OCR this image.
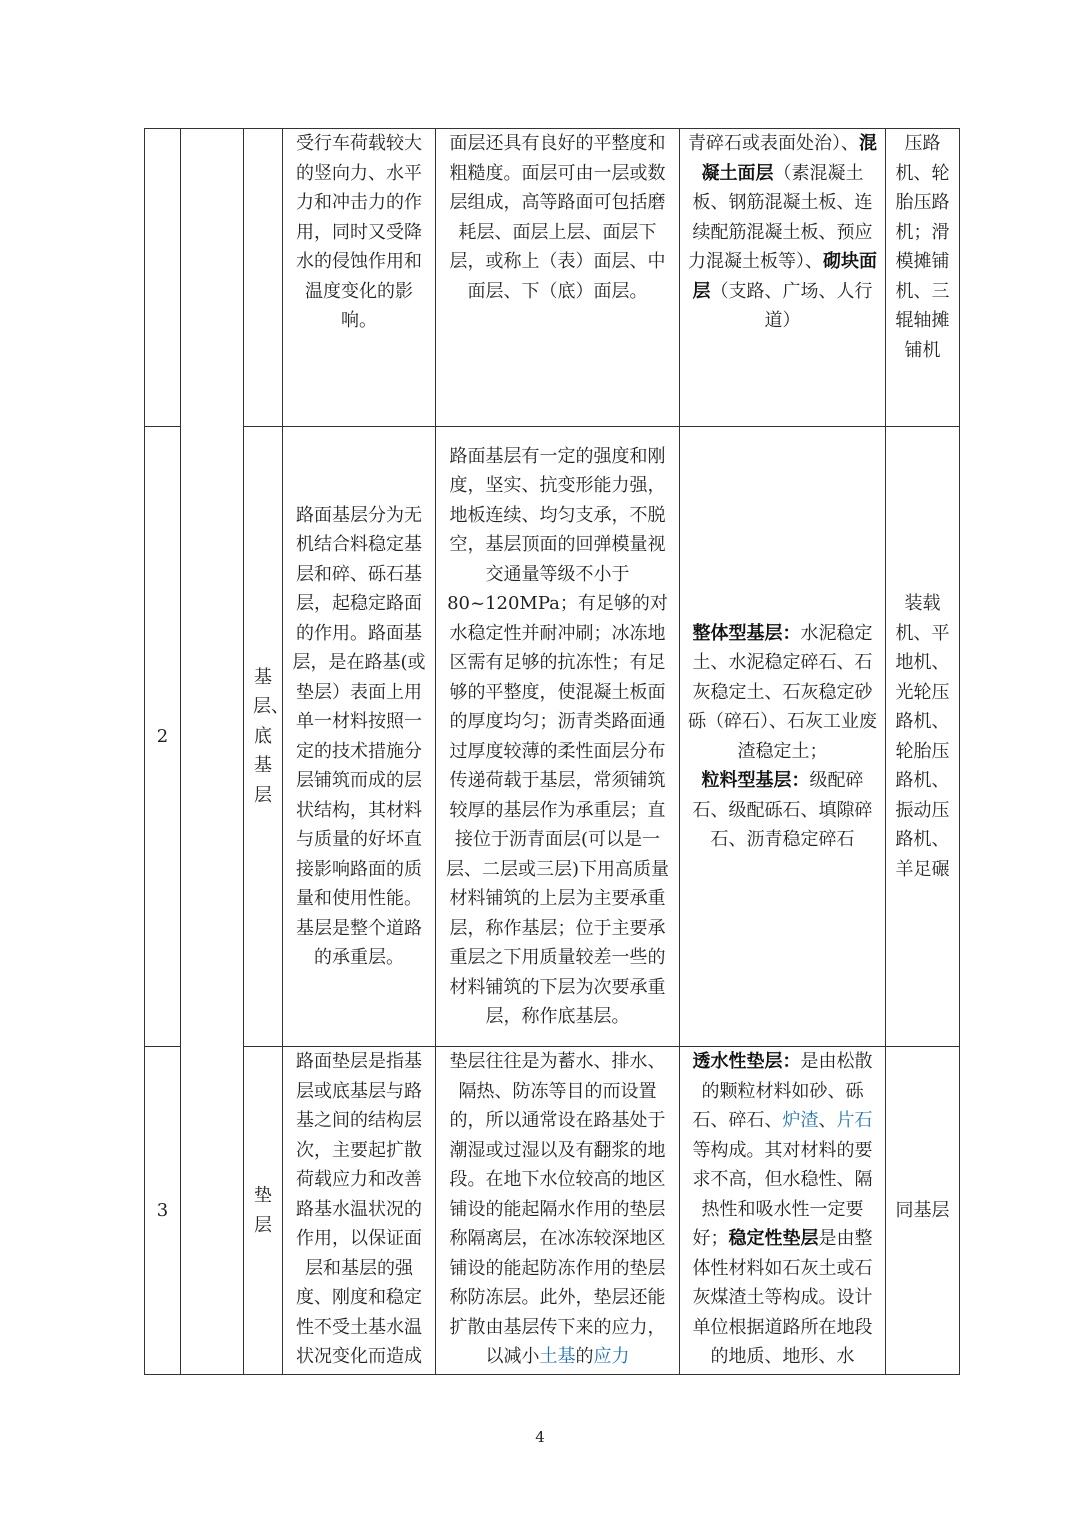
			受行车荷载较大的竖向力、水平力和冲击力的作用，同时又受降水的侵蚀作用和温度变化的影响。	面层还具有良好的平整度和粗糙度。面层可由一层或数层组成，高等路面可包括磨耗层、面层上层、面层下层，或称上（表）面层、中面层、下（底）面层。	青碎石或表面处治）、混凝土面层（素混凝土板、钢筋混凝土板、连续配筋混凝土板、预应力混凝土板等）、砌块面层（支路、广场、人行道）	压路机、轮胎压路机；滑模摊铺机、三辊轴摊铺机

2		基层、底基层	路面基层分为无机结合料稳定基层和碎、砾石基层，起稳定路面的作用。路面基层，是在路基(或垫层）表面上用单一材料按照一定的技术措施分层铺筑而成的层状结构，其材料与质量的好坏直接影响路面的质量和使用性能。基层是整个道路的承重层。	路面基层有一定的强度和刚度，坚实、抗变形能力强，地板连续、均匀支承，不脱空，基层顶面的回弹模量视交通量等级不小于80~120MPa；有足够的对水稳定性并耐冲刷；冰冻地区需有足够的抗冻性；有足够的平整度，使混凝土板面的厚度均匀；沥青类路面通过厚度较薄的柔性面层分布传递荷载于基层，常须铺筑较厚的基层作为承重层；直接位于沥青面层(可以是一层、二层或三层)下用高质量材料铺筑的上层为主要承重层，称作基层；位于主要承重层之下用质量较差一些的材料铺筑的下层为次要承重层，称作底基层。	整体型基层：水泥稳定土、水泥稳定碎石、石灰稳定土、石灰稳定砂砾（碎石）、石灰工业废渣稳定土；
粒料型基层：级配碎石、级配砾石、填隙碎石、沥青稳定碎石	装载机、平地机、光轮压路机、轮胎压路机、振动压路机、羊足碾

3		垫层	路面垫层是指基层或底基层与路基之间的结构层次，主要起扩散荷载应力和改善路基水温状况的作用，以保证面层和基层的强度、刚度和稳定性不受土基水温状况变化而造成	垫层往往是为蓄水、排水、隔热、防冻等目的而设置的，所以通常设在路基处于潮湿或过湿以及有翻浆的地段。在地下水位较高的地区铺设的能起隔水作用的垫层称隔离层，在冰冻较深地区铺设的能起防冻作用的垫层称防冻层。此外，垫层还能扩散由基层传下来的应力，以减小土基的应力	透水性垫层：是由松散的颗粒材料如砂、砾石、碎石、炉渣、片石等构成。其对材料的要求不高，但水稳性、隔热性和吸水性一定要好；稳定性垫层是由整体性材料如石灰土或石灰煤渣土等构成。设计单位根据道路所在地段的地质、地形、水	同基层
4
